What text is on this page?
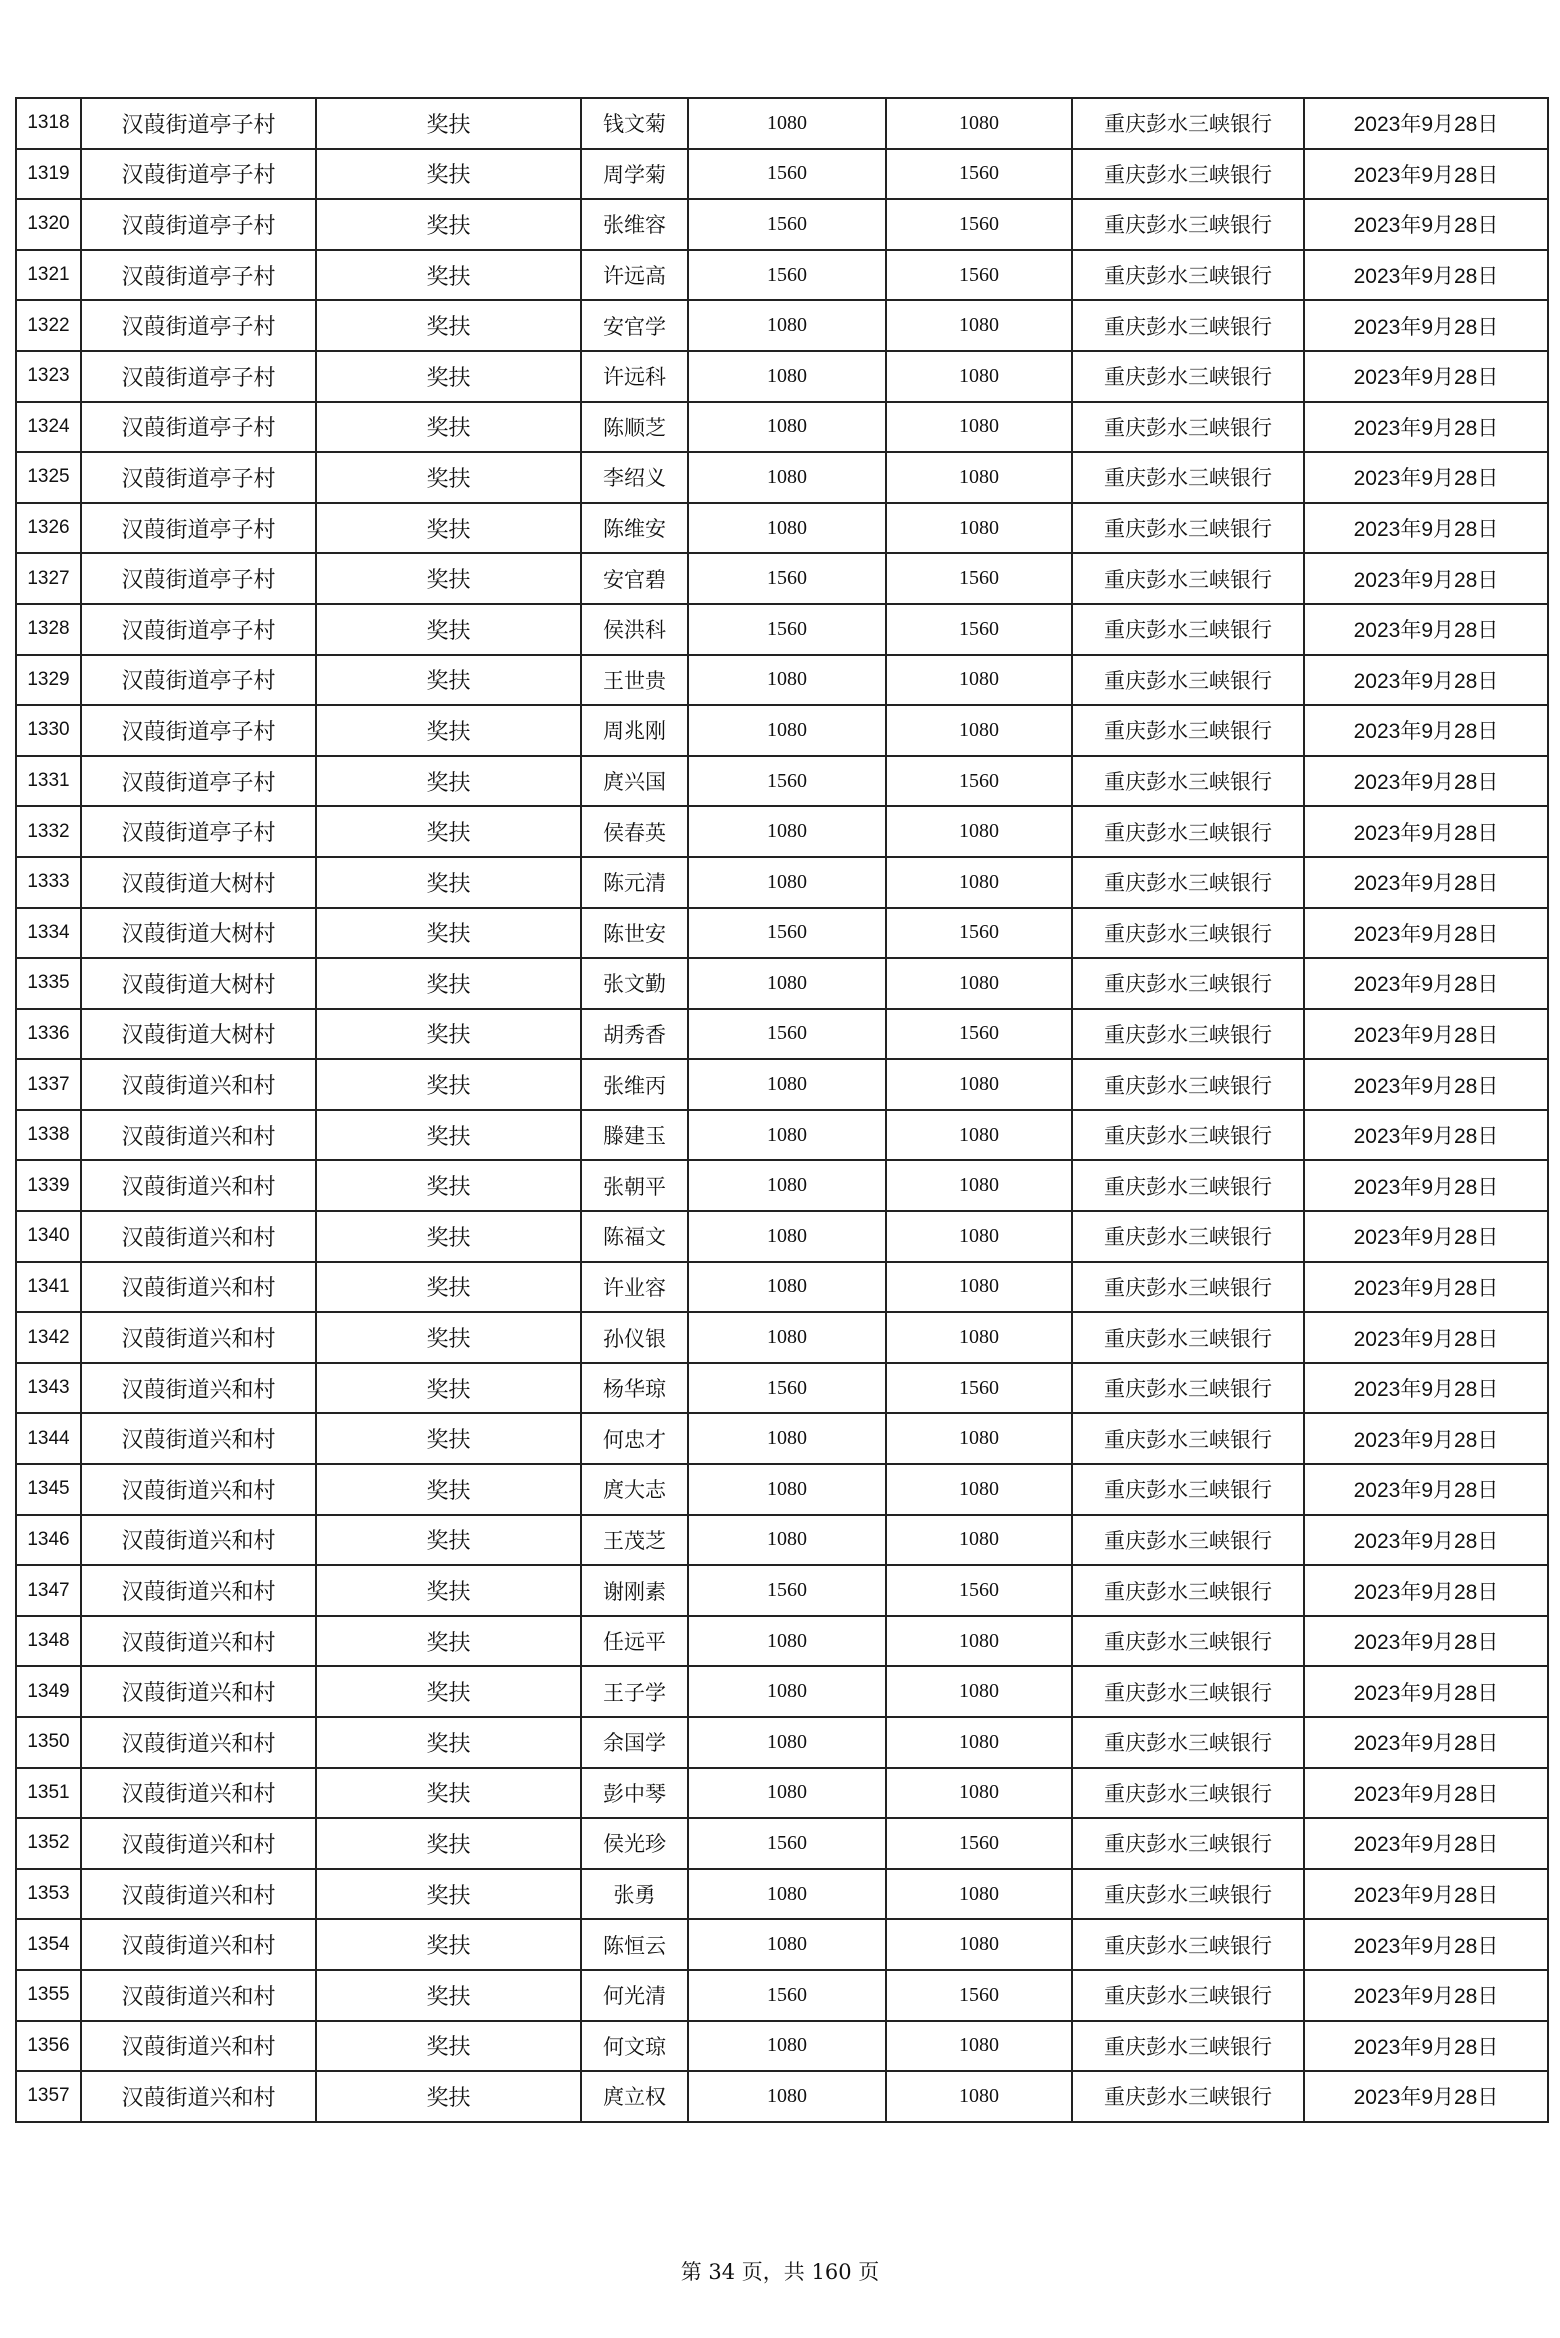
1318	汉葭街道亭子村	奖扶	钱文菊	1080	1080	重庆彭水三峡银行	2023年9月28日
1319	汉葭街道亭子村	奖扶	周学菊	1560	1560	重庆彭水三峡银行	2023年9月28日
1320	汉葭街道亭子村	奖扶	张维容	1560	1560	重庆彭水三峡银行	2023年9月28日
1321	汉葭街道亭子村	奖扶	许远高	1560	1560	重庆彭水三峡银行	2023年9月28日
1322	汉葭街道亭子村	奖扶	安官学	1080	1080	重庆彭水三峡银行	2023年9月28日
1323	汉葭街道亭子村	奖扶	许远科	1080	1080	重庆彭水三峡银行	2023年9月28日
1324	汉葭街道亭子村	奖扶	陈顺芝	1080	1080	重庆彭水三峡银行	2023年9月28日
1325	汉葭街道亭子村	奖扶	李绍义	1080	1080	重庆彭水三峡银行	2023年9月28日
1326	汉葭街道亭子村	奖扶	陈维安	1080	1080	重庆彭水三峡银行	2023年9月28日
1327	汉葭街道亭子村	奖扶	安官碧	1560	1560	重庆彭水三峡银行	2023年9月28日
1328	汉葭街道亭子村	奖扶	侯洪科	1560	1560	重庆彭水三峡银行	2023年9月28日
1329	汉葭街道亭子村	奖扶	王世贵	1080	1080	重庆彭水三峡银行	2023年9月28日
1330	汉葭街道亭子村	奖扶	周兆刚	1080	1080	重庆彭水三峡银行	2023年9月28日
1331	汉葭街道亭子村	奖扶	庹兴国	1560	1560	重庆彭水三峡银行	2023年9月28日
1332	汉葭街道亭子村	奖扶	侯春英	1080	1080	重庆彭水三峡银行	2023年9月28日
1333	汉葭街道大树村	奖扶	陈元清	1080	1080	重庆彭水三峡银行	2023年9月28日
1334	汉葭街道大树村	奖扶	陈世安	1560	1560	重庆彭水三峡银行	2023年9月28日
1335	汉葭街道大树村	奖扶	张文勤	1080	1080	重庆彭水三峡银行	2023年9月28日
1336	汉葭街道大树村	奖扶	胡秀香	1560	1560	重庆彭水三峡银行	2023年9月28日
1337	汉葭街道兴和村	奖扶	张维丙	1080	1080	重庆彭水三峡银行	2023年9月28日
1338	汉葭街道兴和村	奖扶	滕建玉	1080	1080	重庆彭水三峡银行	2023年9月28日
1339	汉葭街道兴和村	奖扶	张朝平	1080	1080	重庆彭水三峡银行	2023年9月28日
1340	汉葭街道兴和村	奖扶	陈福文	1080	1080	重庆彭水三峡银行	2023年9月28日
1341	汉葭街道兴和村	奖扶	许业容	1080	1080	重庆彭水三峡银行	2023年9月28日
1342	汉葭街道兴和村	奖扶	孙仪银	1080	1080	重庆彭水三峡银行	2023年9月28日
1343	汉葭街道兴和村	奖扶	杨华琼	1560	1560	重庆彭水三峡银行	2023年9月28日
1344	汉葭街道兴和村	奖扶	何忠才	1080	1080	重庆彭水三峡银行	2023年9月28日
1345	汉葭街道兴和村	奖扶	庹大志	1080	1080	重庆彭水三峡银行	2023年9月28日
1346	汉葭街道兴和村	奖扶	王茂芝	1080	1080	重庆彭水三峡银行	2023年9月28日
1347	汉葭街道兴和村	奖扶	谢刚素	1560	1560	重庆彭水三峡银行	2023年9月28日
1348	汉葭街道兴和村	奖扶	任远平	1080	1080	重庆彭水三峡银行	2023年9月28日
1349	汉葭街道兴和村	奖扶	王子学	1080	1080	重庆彭水三峡银行	2023年9月28日
1350	汉葭街道兴和村	奖扶	余国学	1080	1080	重庆彭水三峡银行	2023年9月28日
1351	汉葭街道兴和村	奖扶	彭中琴	1080	1080	重庆彭水三峡银行	2023年9月28日
1352	汉葭街道兴和村	奖扶	侯光珍	1560	1560	重庆彭水三峡银行	2023年9月28日
1353	汉葭街道兴和村	奖扶	张勇	1080	1080	重庆彭水三峡银行	2023年9月28日
1354	汉葭街道兴和村	奖扶	陈恒云	1080	1080	重庆彭水三峡银行	2023年9月28日
1355	汉葭街道兴和村	奖扶	何光清	1560	1560	重庆彭水三峡银行	2023年9月28日
1356	汉葭街道兴和村	奖扶	何文琼	1080	1080	重庆彭水三峡银行	2023年9月28日
1357	汉葭街道兴和村	奖扶	庹立权	1080	1080	重庆彭水三峡银行	2023年9月28日
第 34 页，共 160 页
